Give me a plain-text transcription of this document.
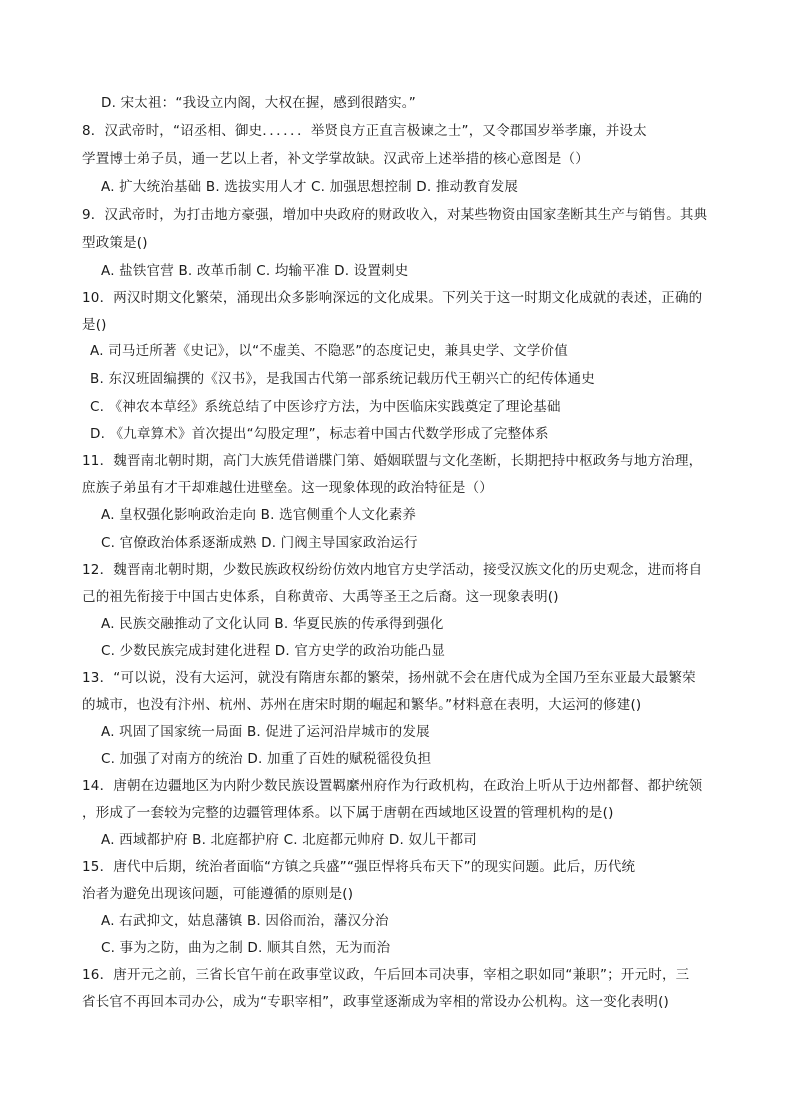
D. 宋太祖：“我设立内阁，大权在握，感到很踏实。”
8．汉武帝时，“诏丞相、御史．．．．．．举贤良方正直言极谏之士”，又令郡国岁举孝廉，并设太
学置博士弟子员，通一艺以上者，补文学掌故缺。汉武帝上述举措的核心意图是（）
A. 扩大统治基础 B. 选拔实用人才 C. 加强思想控制 D. 推动教育发展
9．汉武帝时，为打击地方豪强，增加中央政府的财政收入，对某些物资由国家垄断其生产与销售。其典
型政策是()
A. 盐铁官营 B. 改革币制 C. 均输平准 D. 设置刺史
10．两汉时期文化繁荣，涌现出众多影响深远的文化成果。下列关于这一时期文化成就的表述，正确的
是()
A. 司马迁所著《史记》，以“不虚美、不隐恶”的态度记史，兼具史学、文学价值
B. 东汉班固编撰的《汉书》，是我国古代第一部系统记载历代王朝兴亡的纪传体通史
C. 《神农本草经》系统总结了中医诊疗方法，为中医临床实践奠定了理论基础
D. 《九章算术》首次提出“勾股定理”，标志着中国古代数学形成了完整体系
11．魏晋南北朝时期，高门大族凭借谱牒门第、婚姻联盟与文化垄断，长期把持中枢政务与地方治理，
庶族子弟虽有才干却难越仕进壁垒。这一现象体现的政治特征是（）
A. 皇权强化影响政治走向 B. 选官侧重个人文化素养
C. 官僚政治体系逐渐成熟 D. 门阀主导国家政治运行
12．魏晋南北朝时期，少数民族政权纷纷仿效内地官方史学活动，接受汉族文化的历史观念，进而将自
己的祖先衔接于中国古史体系，自称黄帝、大禹等圣王之后裔。这一现象表明()
A. 民族交融推动了文化认同 B. 华夏民族的传承得到强化
C. 少数民族完成封建化进程 D. 官方史学的政治功能凸显
13．“可以说，没有大运河，就没有隋唐东都的繁荣，扬州就不会在唐代成为全国乃至东亚最大最繁荣
的城市，也没有汴州、杭州、苏州在唐宋时期的崛起和繁华。”材料意在表明，大运河的修建()
A. 巩固了国家统一局面 B. 促进了运河沿岸城市的发展
C. 加强了对南方的统治 D. 加重了百姓的赋税徭役负担
14．唐朝在边疆地区为内附少数民族设置羁縻州府作为行政机构，在政治上听从于边州都督、都护统领
，形成了一套较为完整的边疆管理体系。以下属于唐朝在西域地区设置的管理机构的是()
A. 西域都护府 B. 北庭都护府 C. 北庭都元帅府 D. 奴儿干都司
15．唐代中后期，统治者面临“方镇之兵盛”“强臣悍将兵布天下”的现实问题。此后，历代统
治者为避免出现该问题，可能遵循的原则是()
A. 右武抑文，姑息藩镇 B. 因俗而治，藩汉分治
C. 事为之防，曲为之制 D. 顺其自然，无为而治
16．唐开元之前，三省长官午前在政事堂议政，午后回本司决事，宰相之职如同“兼职”；开元时，三
省长官不再回本司办公，成为“专职宰相”，政事堂逐渐成为宰相的常设办公机构。这一变化表明()
